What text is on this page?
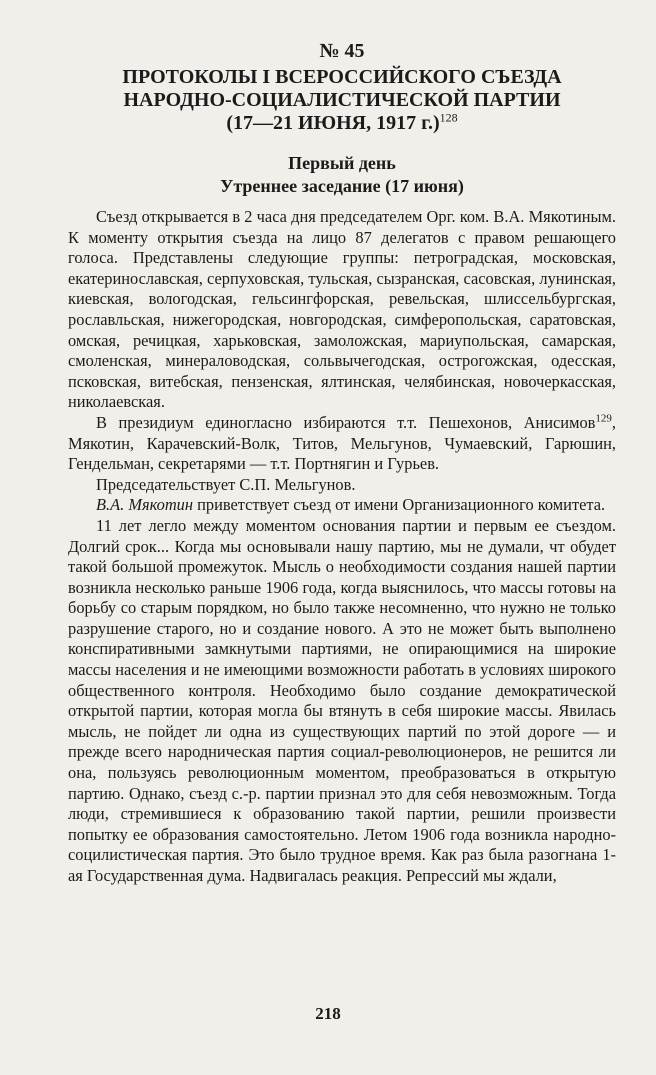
№ 45

ПРОТОКОЛЫ I ВСЕРОССИЙСКОГО СЪЕЗДА

НАРОДНО-СОЦИАЛИСТИЧЕСКОЙ ПАРТИИ

(17—21 ИЮНЯ, 1917 г.)$^{128}$

Первый день

Утреннее заседание (17 июня)

Съезд открывается в 2 часа дня председателем Орг. ком. В.А. Мякотиным. К моменту открытия съезда на лицо 87 делегатов с правом решающего голоса. Представлены следующие группы: петроградская, московская, екатеринославская, серпуховская, тульская, сызранская, сасовская, лунинская, киевская, вологодская, гельсингфорская, ревельская, шлиссельбургская, рославльская, нижегородская, новгородская, симферопольская, саратовская, омская, речицкая, харьковская, замоложская, мариупольская, самарская, смоленская, минераловодская, сольвычегодская, острогожская, одесская, псковская, витебская, пензенская, ялтинская, челябинская, новочеркасская, николаевская.

В президиум единогласно избираются т.т. Пешехонов, Анисимов$^{129}$, Мякотин, Карачевский-Волк, Титов, Мельгунов, Чумаевский, Гарюшин, Гендельман, секретарями — т.т. Портнягин и Гурьев.

Председательствует С.П. Мельгунов.

В.А. Мякотин приветствует съезд от имени Организационного комитета.

11 лет легло между моментом основания партии и первым ее съездом. Долгий срок... Когда мы основывали нашу партию, мы не думали, чт обудет такой большой промежуток. Мысль о необходимости создания нашей партии возникла несколько раньше 1906 года, когда выяснилось, что массы готовы на борьбу со старым порядком, но было также несомненно, что нужно не только разрушение старого, но и создание нового. А это не может быть выполнено конспиративными замкнутыми партиями, не опирающимися на широкие массы населения и не имеющими возможности работать в условиях широкого общественного контроля. Необходимо было создание демократической открытой партии, которая могла бы втянуть в себя широкие массы. Явилась мысль, не пойдет ли одна из существующих партий по этой дороге — и прежде всего народническая партия социал-революционеров, не решится ли она, пользуясь революционным моментом, преобразоваться в открытую партию. Однако, съезд с.-р. партии признал это для себя невозможным. Тогда люди, стремившиеся к образованию такой партии, решили произвести попытку ее образования самостоятельно. Летом 1906 года возникла народно-социлистическая партия. Это было трудное время. Как раз была разогнана 1-ая Государственная дума. Надвигалась реакция. Репрессий мы ждали,

218
